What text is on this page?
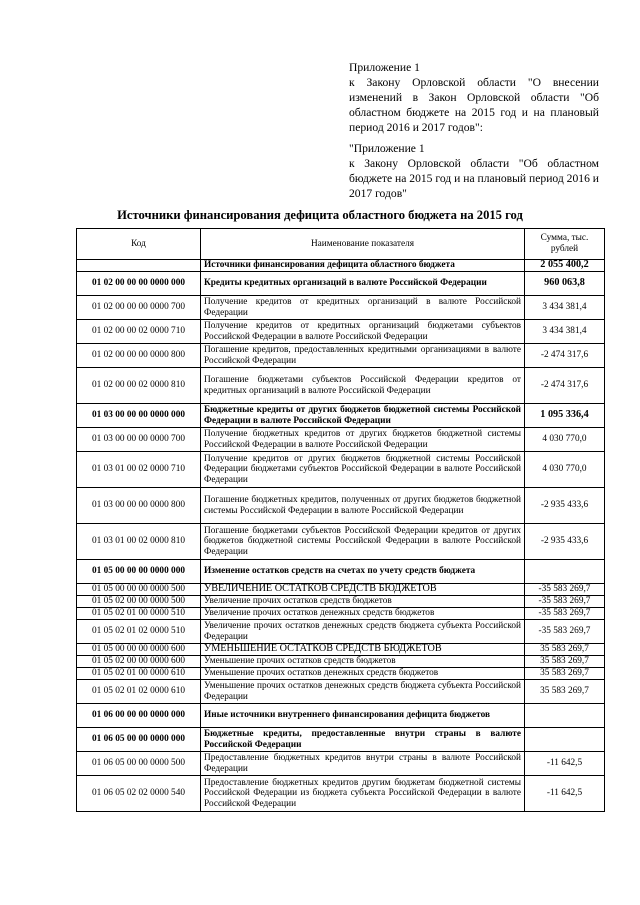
Приложение 1

к Закону Орловской области "О внесении изменений в Закон Орловской области "Об областном бюджете на 2015 год и на плановый период 2016 и 2017 годов":

"Приложение 1

к Закону Орловской области "Об областном бюджете на 2015 год и на плановый период 2016 и 2017 годов"

Источники финансирования дефицита областного бюджета на 2015 год
Код	Наименование показателя	Сумма, тыс. рублей
	Источники финансирования дефицита областного бюджета	2 055 400,2
01 02 00 00 00 0000 000	Кредиты кредитных организаций в валюте Российской Федерации	960 063,8
01 02 00 00 00 0000 700	Получение кредитов от кредитных организаций в валюте Российской Федерации	3 434 381,4
01 02 00 00 02 0000 710	Получение кредитов от кредитных организаций бюджетами субъектов Российской Федерации в валюте Российской Федерации	3 434 381,4
01 02 00 00 00 0000 800	Погашение кредитов, предоставленных кредитными организациями в валюте Российской Федерации	-2 474 317,6
01 02 00 00 02 0000 810	Погашение бюджетами субъектов Российской Федерации кредитов от кредитных организаций в валюте Российской Федерации	-2 474 317,6
01 03 00 00 00 0000 000	Бюджетные кредиты от других бюджетов бюджетной системы Российской Федерации в валюте Российской Федерации	1 095 336,4
01 03 00 00 00 0000 700	Получение бюджетных кредитов от других бюджетов бюджетной системы Российской Федерации в валюте Российской Федерации	4 030 770,0
01 03 01 00 02 0000 710	Получение кредитов от других бюджетов бюджетной системы Российской Федерации бюджетами субъектов Российской Федерации в валюте Российской Федерации	4 030 770,0
01 03 00 00 00 0000 800	Погашение бюджетных кредитов, полученных от других бюджетов бюджетной системы Российской Федерации в валюте Российской Федерации	-2 935 433,6
01 03 01 00 02 0000 810	Погашение бюджетами субъектов Российской Федерации кредитов от других бюджетов бюджетной системы Российской Федерации в валюте Российской Федерации	-2 935 433,6
01 05 00 00 00 0000 000	Изменение остатков средств на счетах по учету средств бюджета	
01 05 00 00 00 0000 500	УВЕЛИЧЕНИЕ ОСТАТКОВ СРЕДСТВ БЮДЖЕТОВ	-35 583 269,7
01 05 02 00 00 0000 500	Увеличение прочих остатков средств бюджетов	-35 583 269,7
01 05 02 01 00 0000 510	Увеличение прочих остатков денежных средств бюджетов	-35 583 269,7
01 05 02 01 02 0000 510	Увеличение прочих остатков денежных средств бюджета субъекта Российской Федерации	-35 583 269,7
01 05 00 00 00 0000 600	УМЕНЬШЕНИЕ ОСТАТКОВ СРЕДСТВ БЮДЖЕТОВ	35 583 269,7
01 05 02 00 00 0000 600	Уменьшение прочих остатков средств бюджетов	35 583 269,7
01 05 02 01 00 0000 610	Уменьшение прочих остатков денежных средств бюджетов	35 583 269,7
01 05 02 01 02 0000 610	Уменьшение прочих остатков денежных средств бюджета субъекта Российской Федерации	35 583 269,7
01 06 00 00 00 0000 000	Иные источники внутреннего финансирования дефицита бюджетов	
01 06 05 00 00 0000 000	Бюджетные кредиты, предоставленные внутри страны в валюте Российской Федерации	
01 06 05 00 00 0000 500	Предоставление бюджетных кредитов внутри страны в валюте Российской Федерации	-11 642,5
01 06 05 02 02 0000 540	Предоставление бюджетных кредитов другим бюджетам бюджетной системы Российской Федерации из бюджета субъекта Российской Федерации в валюте Российской Федерации	-11 642,5
